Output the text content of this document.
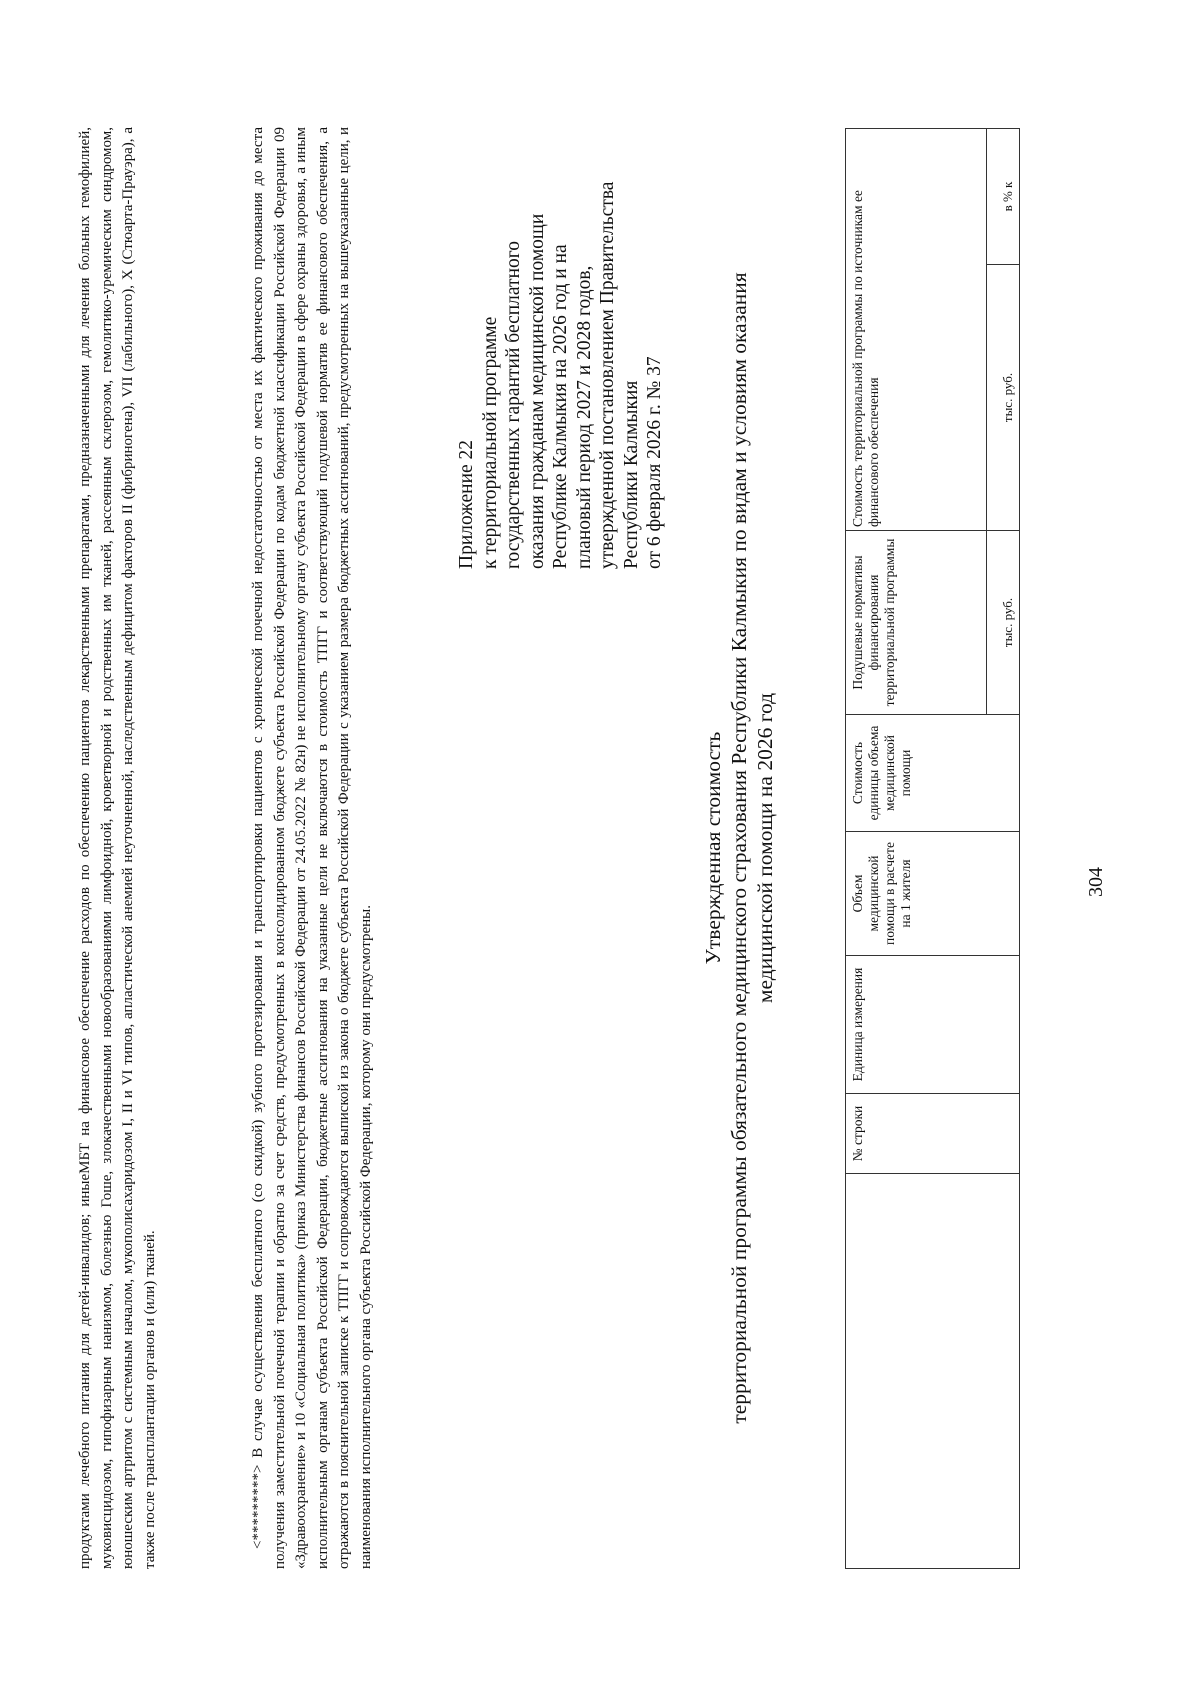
продуктами лечебного питания для детей-инвалидов; иныеМБТ на финансовое обеспечение расходов по обеспечению пациентов лекарственными препаратами, предназначенными для лечения больных гемофилией, муковисцидозом, гипофизарным нанизмом, болезнью Гоше, злокачественными новообразованиями лимфоидной, кроветворной и родственных им тканей, рассеянным склерозом, гемолитико-уремическим синдромом, юношеским артритом с системным началом, мукополисахаридозом I, II и VI типов, апластической анемией неуточненной, наследственным дефицитом факторов II (фибриногена), VII (лабильного), X (Стюарта-Прауэра), а также после трансплантации органов и (или) тканей.	<*********> В случае осуществления бесплатного (со скидкой) зубного протезирования и транспортировки пациентов с хронической почечной недостаточностью от места их фактического проживания до места получения заместительной почечной терапии и обратно за счет средств, предусмотренных в консолидированном бюджете субъекта Российской Федерации по кодам бюджетной классификации Российской Федерации 09 «Здравоохранение» и 10 «Социальная политика» (приказ Министерства финансов Российской Федерации от 24.05.2022 № 82н) не исполнительному органу субъекта Российской Федерации в сфере охраны здоровья, а иным исполнительным органам субъекта Российской Федерации, бюджетные ассигнования на указанные цели не включаются в стоимость ТПГГ и соответствующий подушевой норматив ее финансового обеспечения, а отражаются в пояснительной записке к ТПГГ и сопровождаются выпиской из закона о бюджете субъекта Российской Федерации с указанием размера бюджетных ассигнований, предусмотренных на вышеуказанные цели, и наименования исполнительного органа субъекта Российской Федерации, которому они предусмотрены.

Приложение 22 к территориальной программе государственных гарантий бесплатного оказания гражданам медицинской помощи Республике Калмыкия на 2026 год и на плановый период 2027 и 2028 годов, утвержденной постановлением Правительства Республики Калмыкия от 6 февраля 2026 г. № 37
Утвержденная стоимость территориальной программы обязательного медицинского страхования Республики Калмыкия по видам и условиям оказания медицинской помощи на 2026 год
	№ строки	Единица измерения	Объем медицинской помощи в расчете на 1 жителя	Стоимость единицы объема медицинской помощи	Подушевые нормативы финансирования территориальной программы	Стоимость территориальной программы по источникам ее финансового обеспечения	
					тыс. руб.	тыс. руб.	в % к
304
